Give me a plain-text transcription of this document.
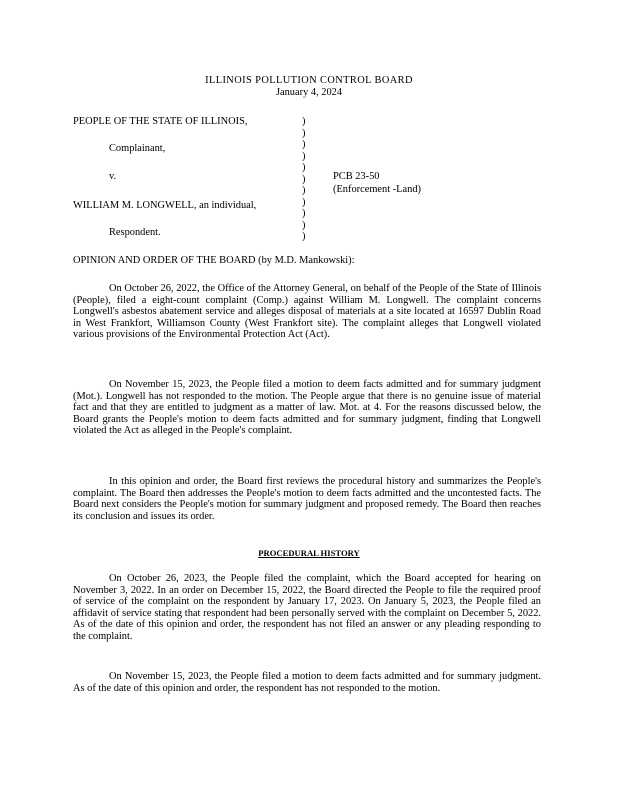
ILLINOIS POLLUTION CONTROL BOARD
January 4, 2024
PEOPLE OF THE STATE OF ILLINOIS,
Complainant,
v.
WILLIAM M. LONGWELL, an individual,
Respondent.
)
)
)
)
)
)
)
)
)
)
)
PCB 23-50
(Enforcement -Land)
OPINION AND ORDER OF THE BOARD (by M.D. Mankowski):
On October 26, 2022, the Office of the Attorney General, on behalf of the People of the State of Illinois (People), filed a eight-count complaint (Comp.) against William M. Longwell. The complaint concerns Longwell's asbestos abatement service and alleges disposal of materials at a site located at 16597 Dublin Road in West Frankfort, Williamson County (West Frankfort site). The complaint alleges that Longwell violated various provisions of the Environmental Protection Act (Act).
On November 15, 2023, the People filed a motion to deem facts admitted and for summary judgment (Mot.). Longwell has not responded to the motion. The People argue that there is no genuine issue of material fact and that they are entitled to judgment as a matter of law. Mot. at 4. For the reasons discussed below, the Board grants the People's motion to deem facts admitted and for summary judgment, finding that Longwell violated the Act as alleged in the People's complaint.
In this opinion and order, the Board first reviews the procedural history and summarizes the People's complaint. The Board then addresses the People's motion to deem facts admitted and the uncontested facts. The Board next considers the People's motion for summary judgment and proposed remedy. The Board then reaches its conclusion and issues its order.
PROCEDURAL HISTORY
On October 26, 2023, the People filed the complaint, which the Board accepted for hearing on November 3, 2022. In an order on December 15, 2022, the Board directed the People to file the required proof of service of the complaint on the respondent by January 17, 2023. On January 5, 2023, the People filed an affidavit of service stating that respondent had been personally served with the complaint on December 5, 2022. As of the date of this opinion and order, the respondent has not filed an answer or any pleading responding to the complaint.
On November 15, 2023, the People filed a motion to deem facts admitted and for summary judgment. As of the date of this opinion and order, the respondent has not responded to the motion.
